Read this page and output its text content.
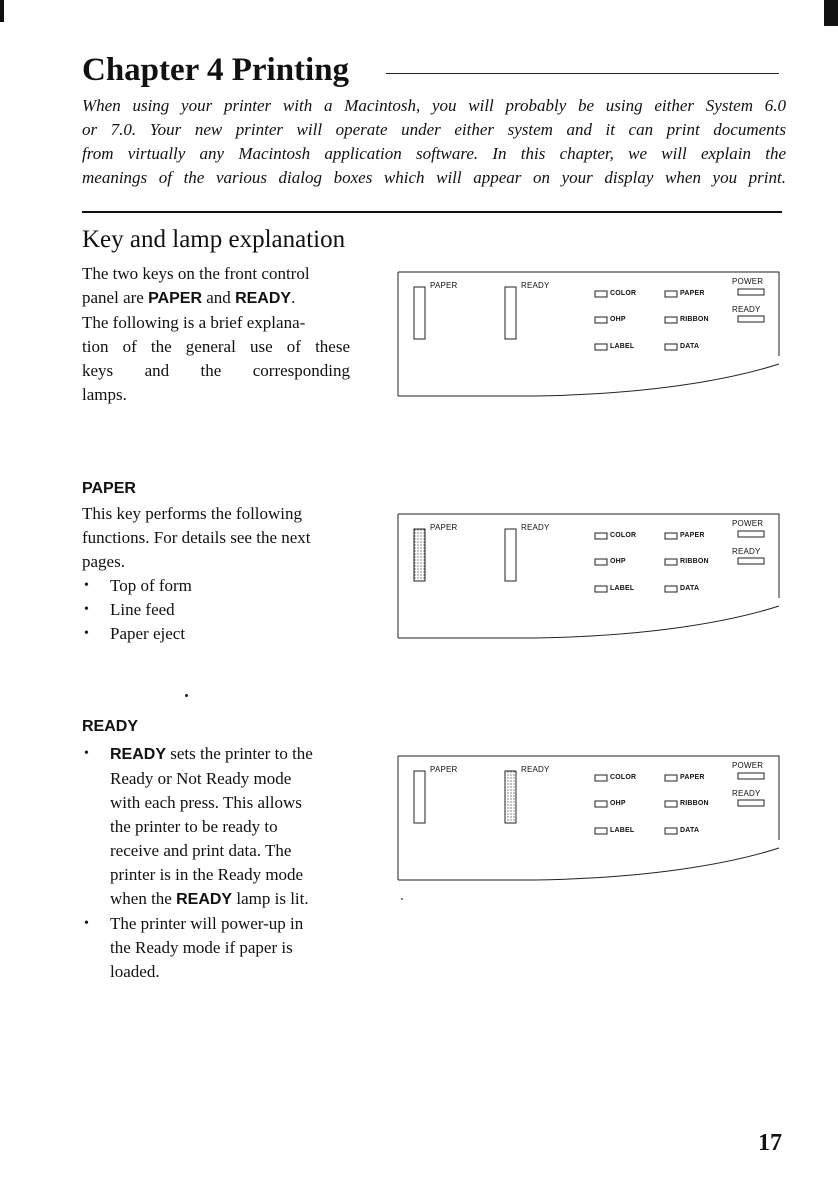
Chapter 4 Printing
When using your printer with a Macintosh, you will probably be using either System 6.0
or 7.0. Your new printer will operate under either system and it can print documents
from virtually any Macintosh application software. In this chapter, we will explain the
meanings of the various dialog boxes which will appear on your display when you print.
Key and lamp explanation
The two keys on the front control
panel are PAPER and READY.
The following is a brief explana-
tion of the general use of these
keys and the corresponding
lamps.
PAPER
This key performs the following
functions. For details see the next
pages.
• Top of form
• Line feed
• Paper eject
READY
• READY sets the printer to the
Ready or Not Ready mode
with each press. This allows
the printer to be ready to
receive and print data. The
printer is in the Ready mode
when the READY lamp is lit.
• The printer will power-up in
the Ready mode if paper is
loaded.
PAPER	READY
COLOR
OHP
LABEL
PAPER
RIBBON
DATA
POWER
READY
PAPER	READY
COLOR
OHP
LABEL
PAPER
RIBBON
DATA
POWER
READY
PAPER	READY
COLOR
OHP
LABEL
PAPER
RIBBON
DATA
POWER
READY
17
